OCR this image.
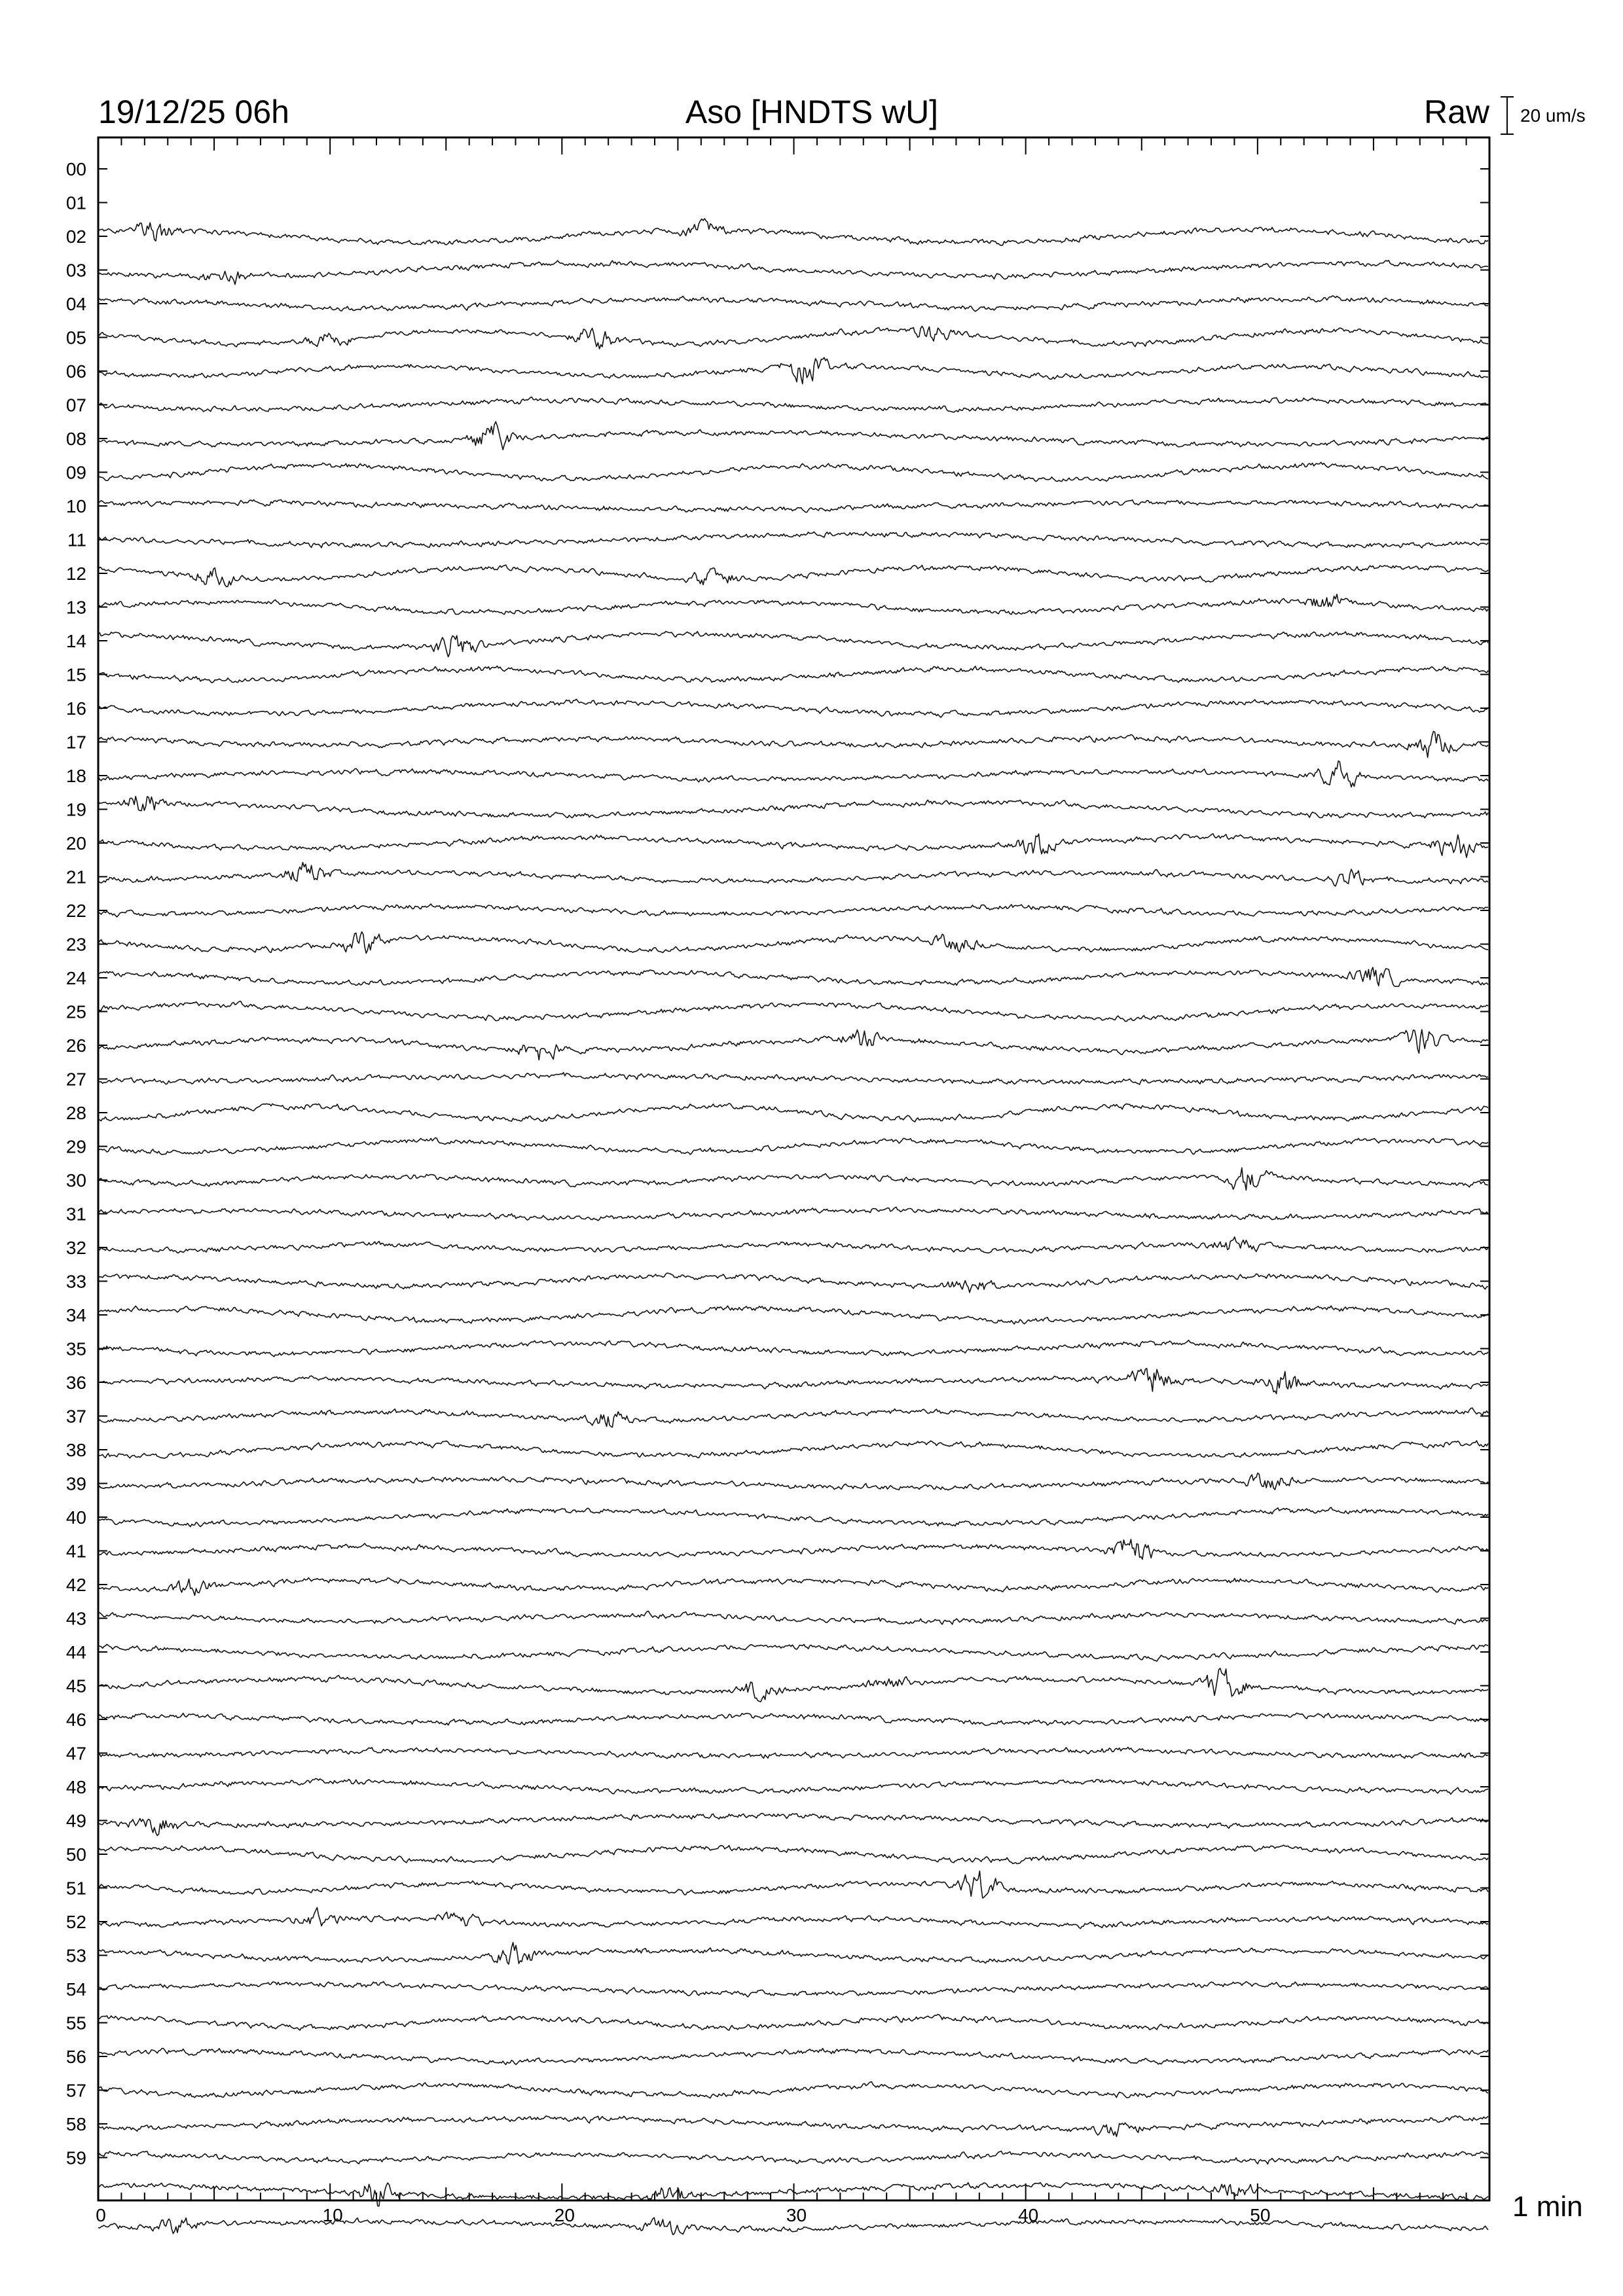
19/12/25 06h	Aso [HNDTS wU]	Raw 20 um/s
00
01
02
03
04
05
06
07
08
09
10
11
12
13
14
15
16
17
18
19
20
21
22
23
24
25
26
27
28
29
30
31
32
33
34
35
36
37
38
39
40
41
42
43
44
45
46
47
48
49
50
51
52
53
54
55
56
57
58
59
0	10	20	30	40	50	1 min
